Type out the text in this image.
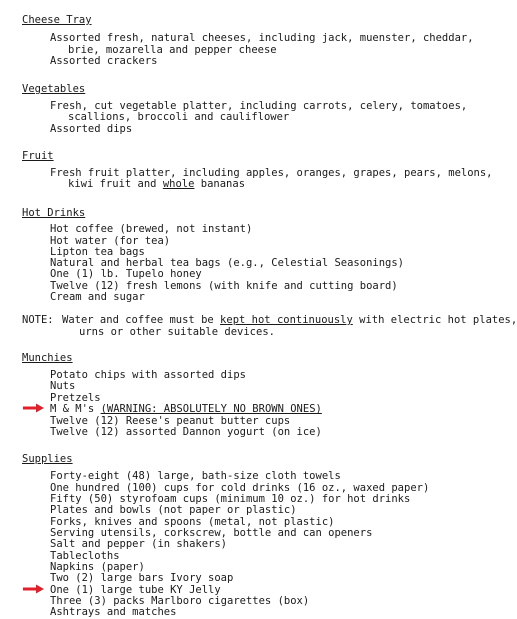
Cheese Tray
Assorted fresh, natural cheeses, including jack, muenster, cheddar,
brie, mozarella and pepper cheese
Assorted crackers
Vegetables
Fresh, cut vegetable platter, including carrots, celery, tomatoes,
scallions, broccoli and cauliflower
Assorted dips
Fruit
Fresh fruit platter, including apples, oranges, grapes, pears, melons,
kiwi fruit and whole bananas
Hot Drinks
Hot coffee (brewed, not instant)
Hot water (for tea)
Lipton tea bags
Natural and herbal tea bags (e.g., Celestial Seasonings)
One (1) lb. Tupelo honey
Twelve (12) fresh lemons (with knife and cutting board)
Cream and sugar
NOTE: Water and coffee must be kept hot continuously with electric hot plates,
urns or other suitable devices.
Munchies
Potato chips with assorted dips
Nuts
Pretzels
M & M's (WARNING: ABSOLUTELY NO BROWN ONES)
Twelve (12) Reese's peanut butter cups
Twelve (12) assorted Dannon yogurt (on ice)
Supplies
Forty-eight (48) large, bath-size cloth towels
One hundred (100) cups for cold drinks (16 oz., waxed paper)
Fifty (50) styrofoam cups (minimum 10 oz.) for hot drinks
Plates and bowls (not paper or plastic)
Forks, knives and spoons (metal, not plastic)
Serving utensils, corkscrew, bottle and can openers
Salt and pepper (in shakers)
Tablecloths
Napkins (paper)
Two (2) large bars Ivory soap
One (1) large tube KY Jelly
Three (3) packs Marlboro cigarettes (box)
Ashtrays and matches
